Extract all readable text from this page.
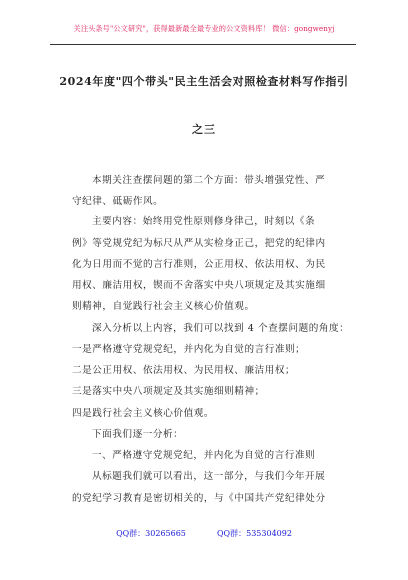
关注头条号"公文研究"，获得最新最全最专业的公文资料库！ 微信：gongwenyj
2024年度"四个带头"民主生活会对照检查材料写作指引
之三
本期关注查摆问题的第二个方面：带头增强党性、严
守纪律、砥砺作风。
主要内容：始终用党性原则修身律己，时刻以《条
例》等党规党纪为标尺从严从实检身正己，把党的纪律内
化为日用而不觉的言行准则，公正用权、依法用权、为民
用权、廉洁用权，锲而不舍落实中央八项规定及其实施细
则精神，自觉践行社会主义核心价值观。
深入分析以上内容，我们可以找到 4 个查摆问题的角度：
一是严格遵守党规党纪，并内化为自觉的言行准则；
二是公正用权、依法用权、为民用权、廉洁用权；
三是落实中央八项规定及其实施细则精神；
四是践行社会主义核心价值观。
下面我们逐一分析：
一、严格遵守党规党纪，并内化为自觉的言行准则
从标题我们就可以看出，这一部分，与我们今年开展
的党纪学习教育是密切相关的，与《中国共产党纪律处分
QQ群：30265665	QQ群：535304092
